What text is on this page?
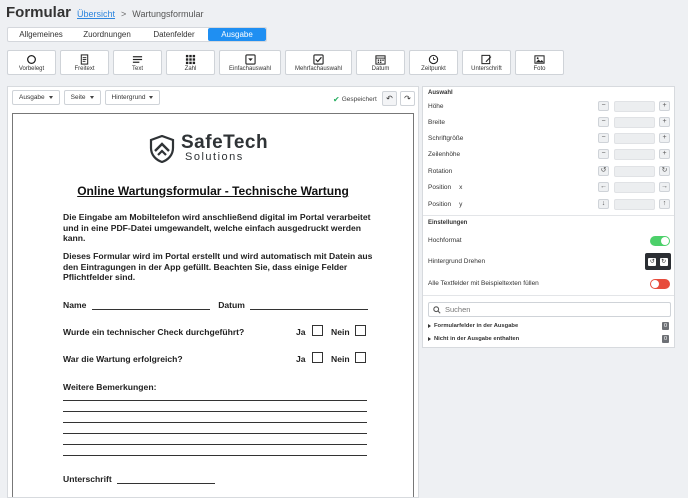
Formular Übersicht > Wartungsformular
Allgemeines	Zuordnungen	Datenfelder	Ausgabe
Vorbelegt	Freitext	Text	Zahl	Einfachauswahl	Mehrfachauswahl	Datum	Zeitpunkt	Unterschrift	Foto
Ausgabe	Seite	Hintergrund	✔ Gespeichert ↶ ↷
SafeTech
Solutions
Online Wartungsformular - Technische Wartung
Die Eingabe am Mobiltelefon wird anschließend digital im Portal verarbeitet und in eine PDF-Datei umgewandelt, welche einfach ausgedruckt werden kann.
Dieses Formular wird im Portal erstellt und wird automatisch mit Datein aus den Eintragungen in der App gefüllt. Beachten Sie, dass einige Felder Pflichtfelder sind.
Name	Datum
Wurde ein technischer Check durchgeführt?	Ja	Nein
War die Wartung erfolgreich?	Ja	Nein
Weitere Bemerkungen:
Unterschrift
Auswahl
Höhe	−	+
Breite	−	+
Schriftgröße	−	+
Zeilenhöhe	−	+
Rotation	↺	↻
Position x	←	→
Position y	↓	↑
Einstellungen
Hochformat
Hintergrund Drehen	↺ ↻
Alle Textfelder mit Beispieltexten füllen
Suchen
Formularfelder in der Ausgabe	0
Nicht in der Ausgabe enthalten	0
